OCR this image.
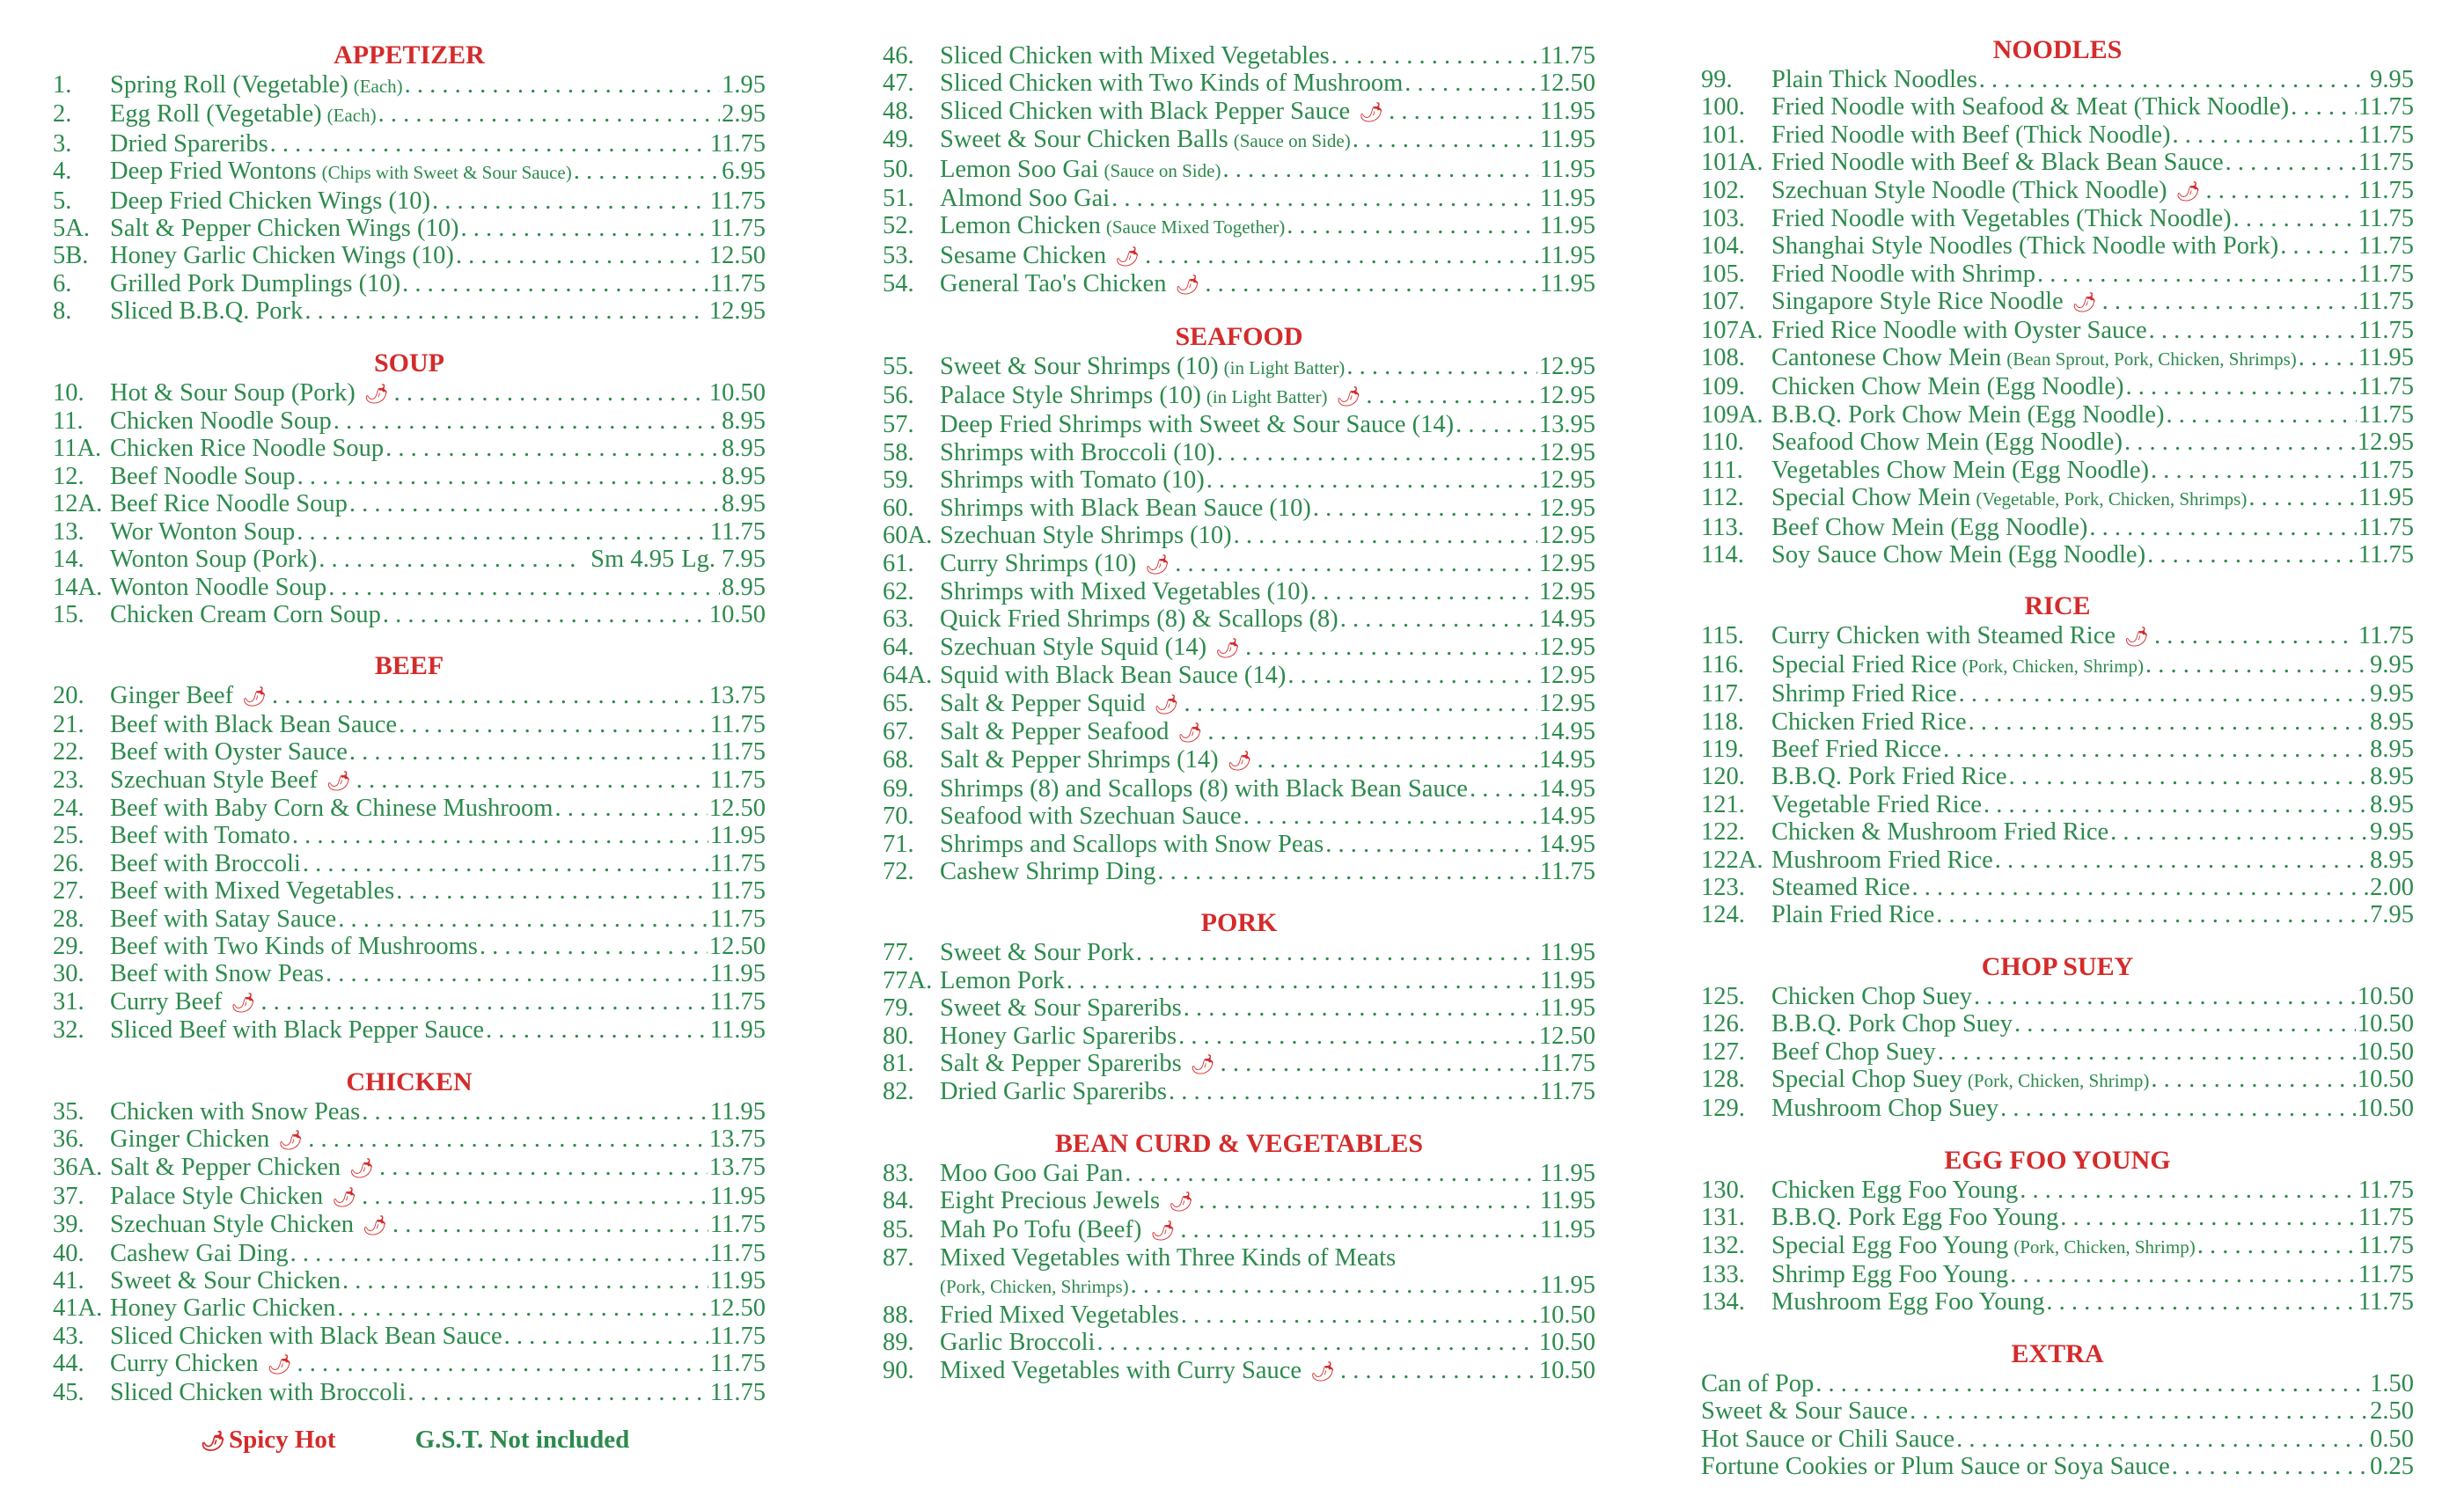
APPETIZER
1.	Spring Roll (Vegetable) (Each) . . .	1.95
2.	Egg Roll (Vegetable) (Each) . . .	2.95
3.	Dried Spareribs . . .	11.75
4.	Deep Fried Wontons (Chips with Sweet & Sour Sauce) . . .	6.95
5.	Deep Fried Chicken Wings (10) . . .	11.75
5A. Salt & Pepper Chicken Wings (10) . . .	11.75
5B. Honey Garlic Chicken Wings (10) . . .	12.50
6.	Grilled Pork Dumplings (10) . . .	11.75
8.	Sliced B.B.Q. Pork . . .	12.95
SOUP
10.	Hot & Sour Soup (Pork) 🌶︎ . . .	10.50
11.	Chicken Noodle Soup . . .	8.95
11A. Chicken Rice Noodle Soup . . .	8.95
12.	Beef Noodle Soup . . .	8.95
12A. Beef Rice Noodle Soup . . .	8.95
13.	Wor Wonton Soup . . .	11.75
14.	Wonton Soup (Pork) . . .	Sm 4.95 Lg. 7.95
14A. Wonton Noodle Soup . . .	8.95
15.	Chicken Cream Corn Soup . . .	10.50
BEEF
20.	Ginger Beef 🌶︎ . . .	13.75
21.	Beef with Black Bean Sauce . . .	11.75
22.	Beef with Oyster Sauce . . .	11.75
23.	Szechuan Style Beef 🌶︎ . . .	11.75
24.	Beef with Baby Corn & Chinese Mushroom . . .	12.50
25.	Beef with Tomato . . .	11.95
26.	Beef with Broccoli . . .	11.75
27.	Beef with Mixed Vegetables . . .	11.75
28.	Beef with Satay Sauce . . .	11.75
29.	Beef with Two Kinds of Mushrooms . . .	12.50
30.	Beef with Snow Peas . . .	11.95
31.	Curry Beef 🌶︎ . . .	11.75
32.	Sliced Beef with Black Pepper Sauce . . .	11.95
CHICKEN
35.	Chicken with Snow Peas . . .	11.95
36.	Ginger Chicken 🌶︎ . . .	13.75
36A. Salt & Pepper Chicken 🌶︎ . . .	13.75
37.	Palace Style Chicken 🌶︎ . . .	11.95
39.	Szechuan Style Chicken 🌶︎ . . .	11.75
40.	Cashew Gai Ding . . .	11.75
41.	Sweet & Sour Chicken . . .	11.95
41A. Honey Garlic Chicken . . .	12.50
43.	Sliced Chicken with Black Bean Sauce . . .	11.75
44.	Curry Chicken 🌶︎ . . .	11.75
45.	Sliced Chicken with Broccoli . . .	11.75
46.	Sliced Chicken with Mixed Vegetables . . .	11.75
47.	Sliced Chicken with Two Kinds of Mushroom . . .	12.50
48.	Sliced Chicken with Black Pepper Sauce 🌶︎ . . .	11.95
49.	Sweet & Sour Chicken Balls (Sauce on Side) . . .	11.95
50.	Lemon Soo Gai (Sauce on Side) . . .	11.95
51.	Almond Soo Gai . . .	11.95
52.	Lemon Chicken (Sauce Mixed Together) . . .	11.95
53.	Sesame Chicken 🌶︎ . . .	11.95
54.	General Tao's Chicken 🌶︎ . . .	11.95
SEAFOOD
55.	Sweet & Sour Shrimps (10) (in Light Batter) . . .	12.95
56.	Palace Style Shrimps (10) (in Light Batter) 🌶︎ . . .	12.95
57.	Deep Fried Shrimps with Sweet & Sour Sauce (14) . . .	13.95
58.	Shrimps with Broccoli (10) . . .	12.95
59.	Shrimps with Tomato (10) . . .	12.95
60.	Shrimps with Black Bean Sauce (10) . . .	12.95
60A. Szechuan Style Shrimps (10) . . .	12.95
61.	Curry Shrimps (10) 🌶︎ . . .	12.95
62.	Shrimps with Mixed Vegetables (10) . . .	12.95
63.	Quick Fried Shrimps (8) & Scallops (8) . . .	14.95
64.	Szechuan Style Squid (14) 🌶︎ . . .	12.95
64A. Squid with Black Bean Sauce (14) . . .	12.95
65.	Salt & Pepper Squid 🌶︎ . . .	12.95
67.	Salt & Pepper Seafood 🌶︎ . . .	14.95
68.	Salt & Pepper Shrimps (14) 🌶︎ . . .	14.95
69.	Shrimps (8) and Scallops (8) with Black Bean Sauce . . .	14.95
70.	Seafood with Szechuan Sauce . . .	14.95
71.	Shrimps and Scallops with Snow Peas . . .	14.95
72.	Cashew Shrimp Ding . . .	11.75
PORK
77.	Sweet & Sour Pork . . .	11.95
77A. Lemon Pork . . .	11.95
79.	Sweet & Sour Spareribs . . .	11.95
80.	Honey Garlic Spareribs . . .	12.50
81.	Salt & Pepper Spareribs 🌶︎ . . .	11.75
82.	Dried Garlic Spareribs . . .	11.75
BEAN CURD & VEGETABLES
83.	Moo Goo Gai Pan . . .	11.95
84.	Eight Precious Jewels 🌶︎ . . .	11.95
85.	Mah Po Tofu (Beef) 🌶︎ . . .	11.95
87.	Mixed Vegetables with Three Kinds of Meats
(Pork, Chicken, Shrimps) . . .	11.95
88.	Fried Mixed Vegetables . . .	10.50
89.	Garlic Broccoli . . .	10.50
90.	Mixed Vegetables with Curry Sauce 🌶︎ . . .	10.50
NOODLES
99.	Plain Thick Noodles . . .	9.95
100.	Fried Noodle with Seafood & Meat (Thick Noodle) . . .	11.75
101.	Fried Noodle with Beef (Thick Noodle) . . .	11.75
101A. Fried Noodle with Beef & Black Bean Sauce . . .	11.75
102.	Szechuan Style Noodle (Thick Noodle) 🌶︎ . . .	11.75
103.	Fried Noodle with Vegetables (Thick Noodle) . . .	11.75
104.	Shanghai Style Noodles (Thick Noodle with Pork) . . .	11.75
105.	Fried Noodle with Shrimp . . .	11.75
107.	Singapore Style Rice Noodle 🌶︎ . . .	11.75
107A. Fried Rice Noodle with Oyster Sauce . . .	11.75
108.	Cantonese Chow Mein (Bean Sprout, Pork, Chicken, Shrimps) . . . 11.95
109.	Chicken Chow Mein (Egg Noodle) . . .	11.75
109A. B.B.Q. Pork Chow Mein (Egg Noodle) . . .	11.75
110.	Seafood Chow Mein (Egg Noodle) . . .	12.95
111.	Vegetables Chow Mein (Egg Noodle) . . .	11.75
112.	Special Chow Mein (Vegetable, Pork, Chicken, Shrimps) . . .	11.95
113.	Beef Chow Mein (Egg Noodle) . . .	11.75
114.	Soy Sauce Chow Mein (Egg Noodle) . . .	11.75
RICE
115.	Curry Chicken with Steamed Rice 🌶︎ . . .	11.75
116.	Special Fried Rice (Pork, Chicken, Shrimp) . . .	9.95
117.	Shrimp Fried Rice . . .	9.95
118.	Chicken Fried Rice . . .	8.95
119.	Beef Fried Ricce . . .	8.95
120.	B.B.Q. Pork Fried Rice . . .	8.95
121.	Vegetable Fried Rice . . .	8.95
122.	Chicken & Mushroom Fried Rice . . .	9.95
122A. Mushroom Fried Rice . . .	8.95
123.	Steamed Rice . . .	2.00
124.	Plain Fried Rice . . .	7.95
CHOP SUEY
125.	Chicken Chop Suey . . .	10.50
126.	B.B.Q. Pork Chop Suey . . .	10.50
127.	Beef Chop Suey . . .	10.50
128.	Special Chop Suey (Pork, Chicken, Shrimp) . . .	10.50
129.	Mushroom Chop Suey . . .	10.50
EGG FOO YOUNG
130.	Chicken Egg Foo Young . . .	11.75
131.	B.B.Q. Pork Egg Foo Young . . .	11.75
132.	Special Egg Foo Young (Pork, Chicken, Shrimp) . . .	11.75
133.	Shrimp Egg Foo Young . . .	11.75
134.	Mushroom Egg Foo Young . . .	11.75
EXTRA
Can of Pop . . .	1.50
Sweet & Sour Sauce . . .	2.50
Hot Sauce or Chili Sauce . . .	0.50
Fortune Cookies or Plum Sauce or Soya Sauce . . .	0.25
🌶︎ Spicy Hot	G.S.T. Not included
